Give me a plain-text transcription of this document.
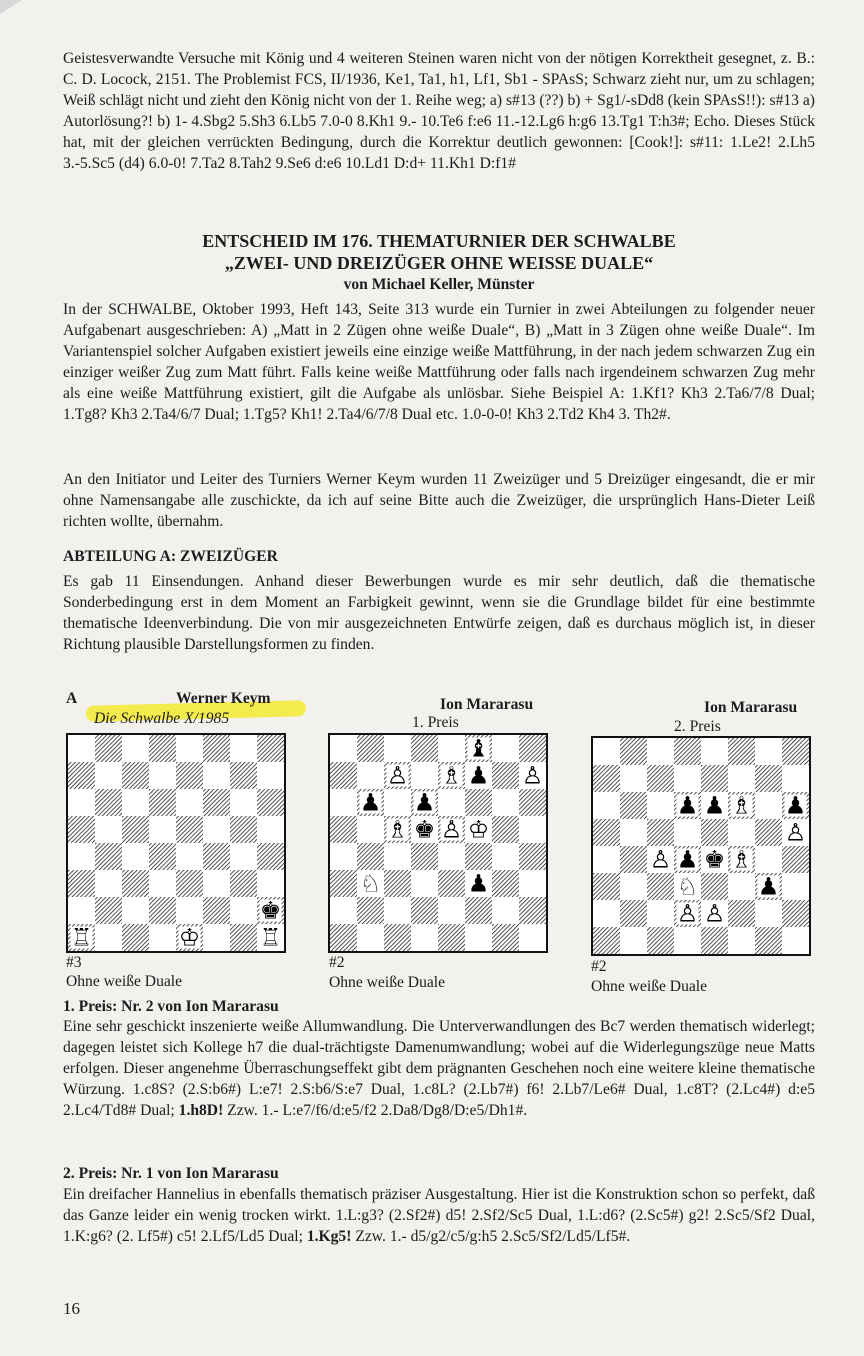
Geistesverwandte Versuche mit König und 4 weiteren Steinen waren nicht von der nötigen Korrektheit gesegnet, z. B.: C. D. Locock, 2151. The Problemist FCS, II/1936, Ke1, Ta1, h1, Lf1, Sb1 - SPAsS; Schwarz zieht nur, um zu schlagen; Weiß schlägt nicht und zieht den König nicht von der 1. Reihe weg; a) s#13 (??) b) + Sg1/-sDd8 (kein SPAsS!!): s#13 a) Autorlösung?! b) 1- 4.Sbg2 5.Sh3 6.Lb5 7.0-0 8.Kh1 9.- 10.Te6 f:e6 11.-12.Lg6 h:g6 13.Tg1 T:h3#; Echo. Dieses Stück hat, mit der gleichen verrückten Bedingung, durch die Korrektur deutlich gewonnen: [Cook!]: s#11: 1.Le2! 2.Lh5 3.-5.Sc5 (d4) 6.0-0! 7.Ta2 8.Tah2 9.Se6 d:e6 10.Ld1 D:d+ 11.Kh1 D:f1#

ENTSCHEID IM 176. THEMATURNIER DER SCHWALBE

„ZWEI- UND DREIZÜGER OHNE WEISSE DUALE“

von Michael Keller, Münster

In der SCHWALBE, Oktober 1993, Heft 143, Seite 313 wurde ein Turnier in zwei Abteilungen zu folgender neuer Aufgabenart ausgeschrieben: A) „Matt in 2 Zügen ohne weiße Duale“, B) „Matt in 3 Zügen ohne weiße Duale“. Im Variantenspiel solcher Aufgaben existiert jeweils eine einzige weiße Mattführung, in der nach jedem schwarzen Zug ein einziger weißer Zug zum Matt führt. Falls keine weiße Mattführung oder falls nach irgendeinem schwarzen Zug mehr als eine weiße Mattführung existiert, gilt die Aufgabe als unlösbar. Siehe Beispiel A: 1.Kf1? Kh3 2.Ta6/7/8 Dual; 1.Tg8? Kh3 2.Ta4/6/7 Dual; 1.Tg5? Kh1! 2.Ta4/6/7/8 Dual etc. 1.0-0-0! Kh3 2.Td2 Kh4 3. Th2#.

An den Initiator und Leiter des Turniers Werner Keym wurden 11 Zweizüger und 5 Dreizüger eingesandt, die er mir ohne Namensangabe alle zuschickte, da ich auf seine Bitte auch die Zweizüger, die ursprünglich Hans-Dieter Leiß richten wollte, übernahm.

ABTEILUNG A: ZWEIZÜGER

Es gab 11 Einsendungen. Anhand dieser Bewerbungen wurde es mir sehr deutlich, daß die thematische Sonderbedingung erst in dem Moment an Farbigkeit gewinnt, wenn sie die Grundlage bildet für eine bestimmte thematische Ideenverbindung. Die von mir ausgezeichneten Entwürfe zeigen, daß es durchaus möglich ist, in dieser Richtung plausible Darstellungsformen zu finden.

A	Werner Keym
Die Schwalbe X/1985
Ion Mararasu
1. Preis
Ion Mararasu
2. Preis
♖	♔ ♖
♚
♝
♙ ♗ ♟ ♙
♟ ♟
♗ ♚ ♙ ♔
♘	♟
♟ ♟ ♗ ♟
♙
♙ ♟ ♚ ♗
♘ ♟
♙ ♙
#3
Ohne weiße Duale
#2
Ohne weiße Duale
#2
Ohne weiße Duale

1. Preis: Nr. 2 von Ion Mararasu

Eine sehr geschickt inszenierte weiße Allumwandlung. Die Unterverwandlungen des Bc7 werden thematisch widerlegt; dagegen leistet sich Kollege h7 die dual-trächtigste Damenumwandlung; wobei auf die Widerlegungszüge neue Matts erfolgen. Dieser angenehme Überraschungseffekt gibt dem prägnanten Geschehen noch eine weitere kleine thematische Würzung. 1.c8S? (2.S:b6#) L:e7! 2.S:b6/S:e7 Dual, 1.c8L? (2.Lb7#) f6! 2.Lb7/Le6# Dual, 1.c8T? (2.Lc4#) d:e5 2.Lc4/Td8# Dual; 1.h8D! Zzw. 1.- L:e7/f6/d:e5/f2 2.Da8/Dg8/D:e5/Dh1#.

2. Preis: Nr. 1 von Ion Mararasu

Ein dreifacher Hannelius in ebenfalls thematisch präziser Ausgestaltung. Hier ist die Konstruktion schon so perfekt, daß das Ganze leider ein wenig trocken wirkt. 1.L:g3? (2.Sf2#) d5! 2.Sf2/Sc5 Dual, 1.L:d6? (2.Sc5#) g2! 2.Sc5/Sf2 Dual, 1.K:g6? (2. Lf5#) c5! 2.Lf5/Ld5 Dual; 1.Kg5! Zzw. 1.- d5/g2/c5/g:h5 2.Sc5/Sf2/Ld5/Lf5#.

16
